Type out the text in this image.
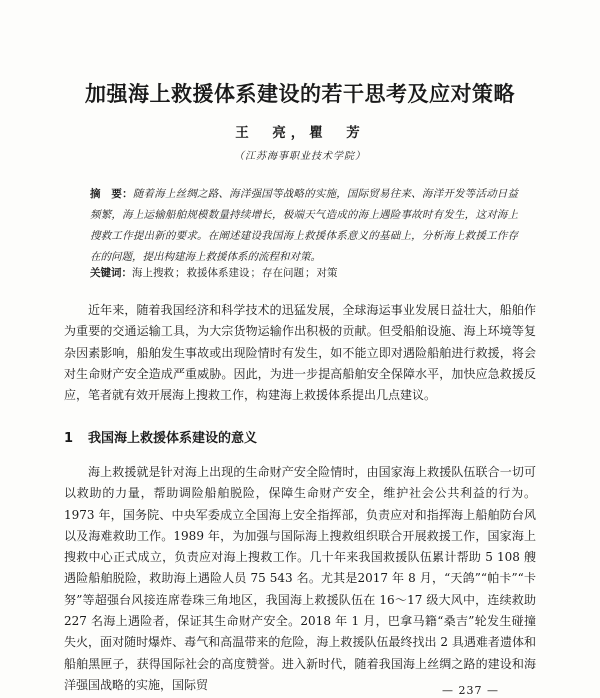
加强海上救援体系建设的若干思考及应对策略
王　亮，瞿　芳
（江苏海事职业技术学院）

摘　要：随着海上丝绸之路、海洋强国等战略的实施，国际贸易往来、海洋开发等活动日益频繁，海上运输船舶规模数量持续增长，极端天气造成的海上遇险事故时有发生，这对海上搜救工作提出新的要求。在阐述建设我国海上救援体系意义的基础上，分析海上救援工作存在的问题，提出构建海上救援体系的流程和对策。

关键词：海上搜救；救援体系建设；存在问题；对策

近年来，随着我国经济和科学技术的迅猛发展，全球海运事业发展日益壮大，船舶作为重要的交通运输工具，为大宗货物运输作出积极的贡献。但受船舶设施、海上环境等复杂因素影响，船舶发生事故或出现险情时有发生，如不能立即对遇险船舶进行救援，将会对生命财产安全造成严重威胁。因此，为进一步提高船舶安全保障水平，加快应急救援反应，笔者就有效开展海上搜救工作，构建海上救援体系提出几点建议。

1 我国海上救援体系建设的意义

海上救援就是针对海上出现的生命财产安全险情时，由国家海上救援队伍联合一切可以救助的力量，帮助调险船舶脱险，保障生命财产安全，维护社会公共利益的行为。1973 年，国务院、中央军委成立全国海上安全指挥部，负责应对和指挥海上船舶防台风以及海难救助工作。1989 年，为加强与国际海上搜救组织联合开展救援工作，国家海上搜救中心正式成立，负责应对海上搜救工作。几十年来我国救援队伍累计帮助 5 108 艘遇险船舶脱险，救助海上遇险人员 75 543 名。尤其是2017 年 8 月，“天鸽”“帕卡”“卡努”等超强台风接连席卷珠三角地区，我国海上救援队伍在 16～17 级大风中，连续救助 227 名海上遇险者，保证其生命财产安全。2018 年 1 月，巴拿马籍“桑吉”轮发生碰撞失火，面对随时爆炸、毒气和高温带来的危险，海上救援队伍最终找出 2 具遇难者遗体和船舶黑匣子，获得国际社会的高度赞誉。进入新时代，随着我国海上丝绸之路的建设和海洋强国战略的实施，国际贸	— 237 —
